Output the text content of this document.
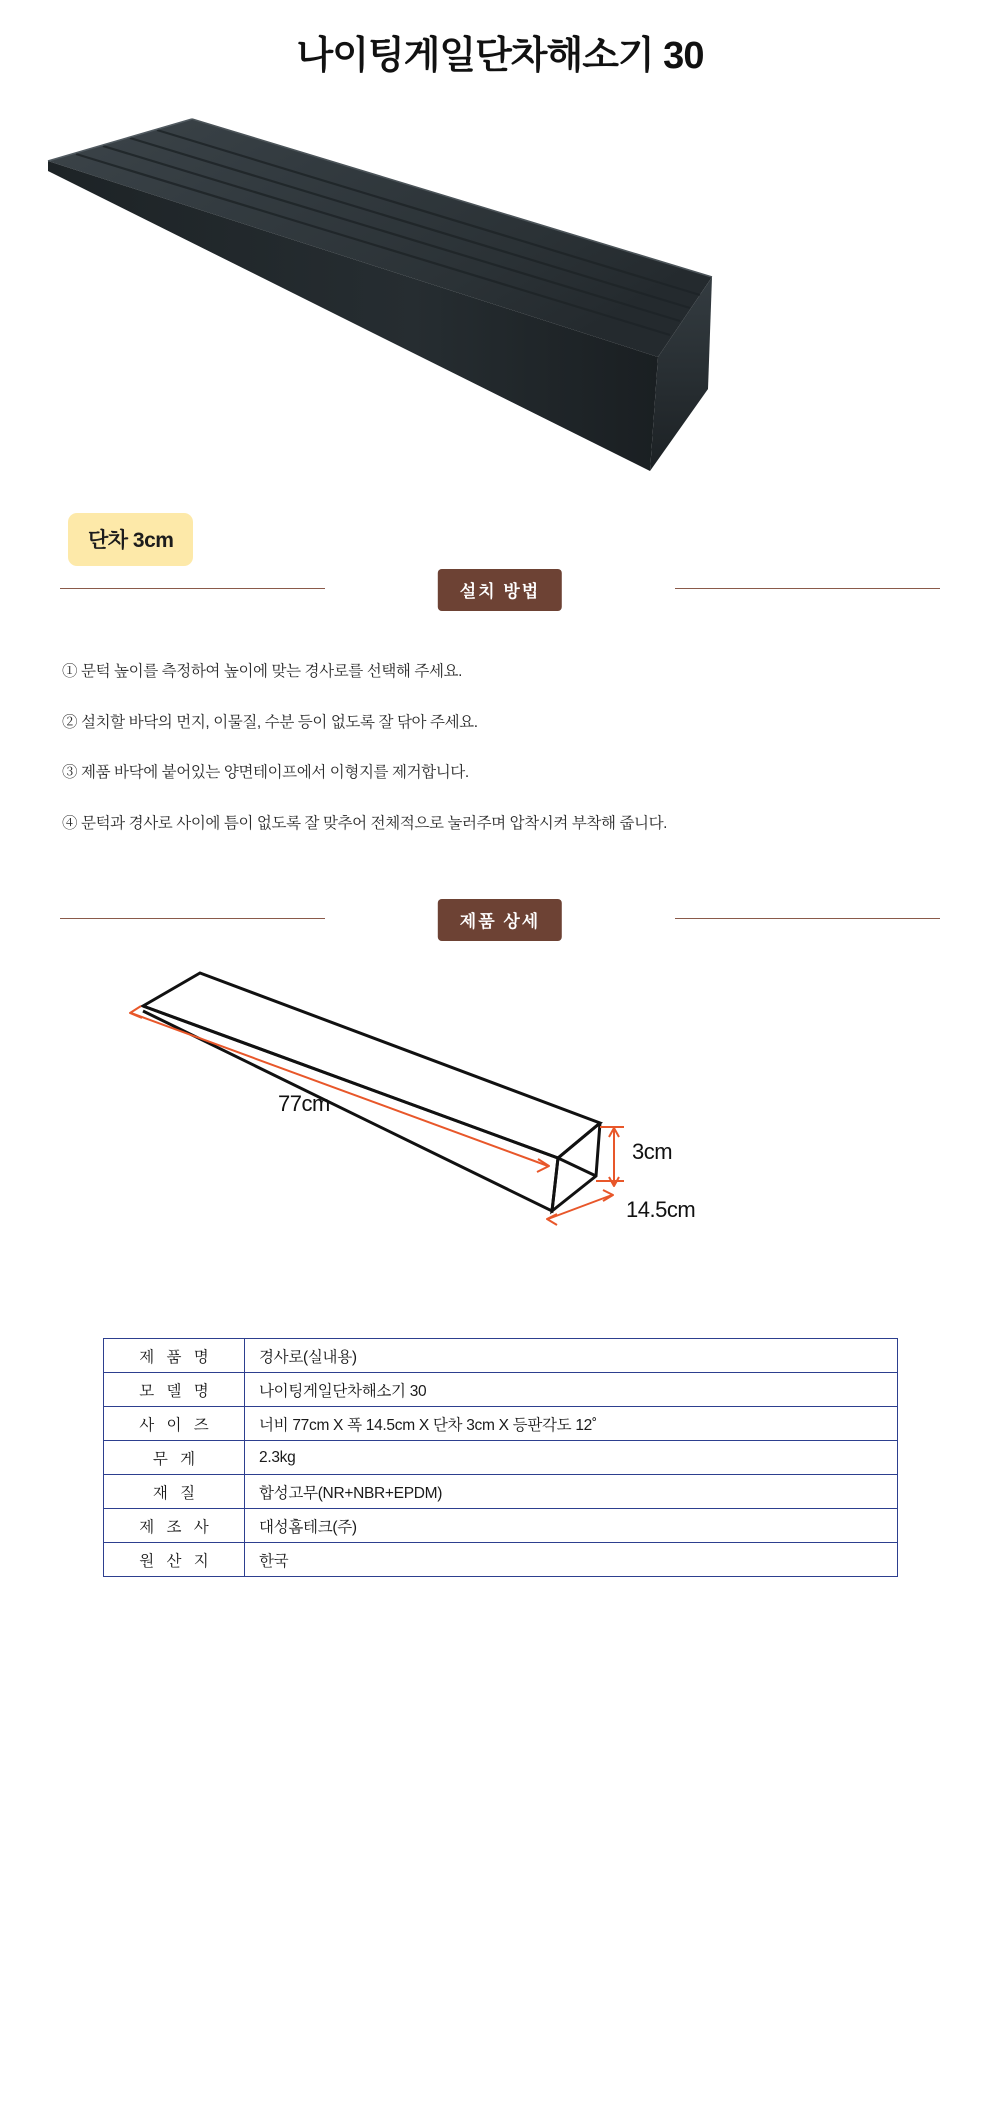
나이팅게일단차해소기 30
단차 3cm
설치 방법
① 문턱 높이를 측정하여 높이에 맞는 경사로를 선택해 주세요.
② 설치할 바닥의 먼지, 이물질, 수분 등이 없도록 잘 닦아 주세요.
③ 제품 바닥에 붙어있는 양면테이프에서 이형지를 제거합니다.
④ 문턱과 경사로 사이에 틈이 없도록 잘 맞추어 전체적으로 눌러주며 압착시켜 부착해 줍니다.
제품 상세
77cm
3cm
14.5cm
제 품 명	경사로(실내용)
모 델 명	나이팅게일단차해소기 30
사 이 즈	너비 77cm X 폭 14.5cm X 단차 3cm X 등판각도 12˚
무 게	2.3kg
재 질	합성고무(NR+NBR+EPDM)
제 조 사	대성홈테크(주)
원 산 지	한국
